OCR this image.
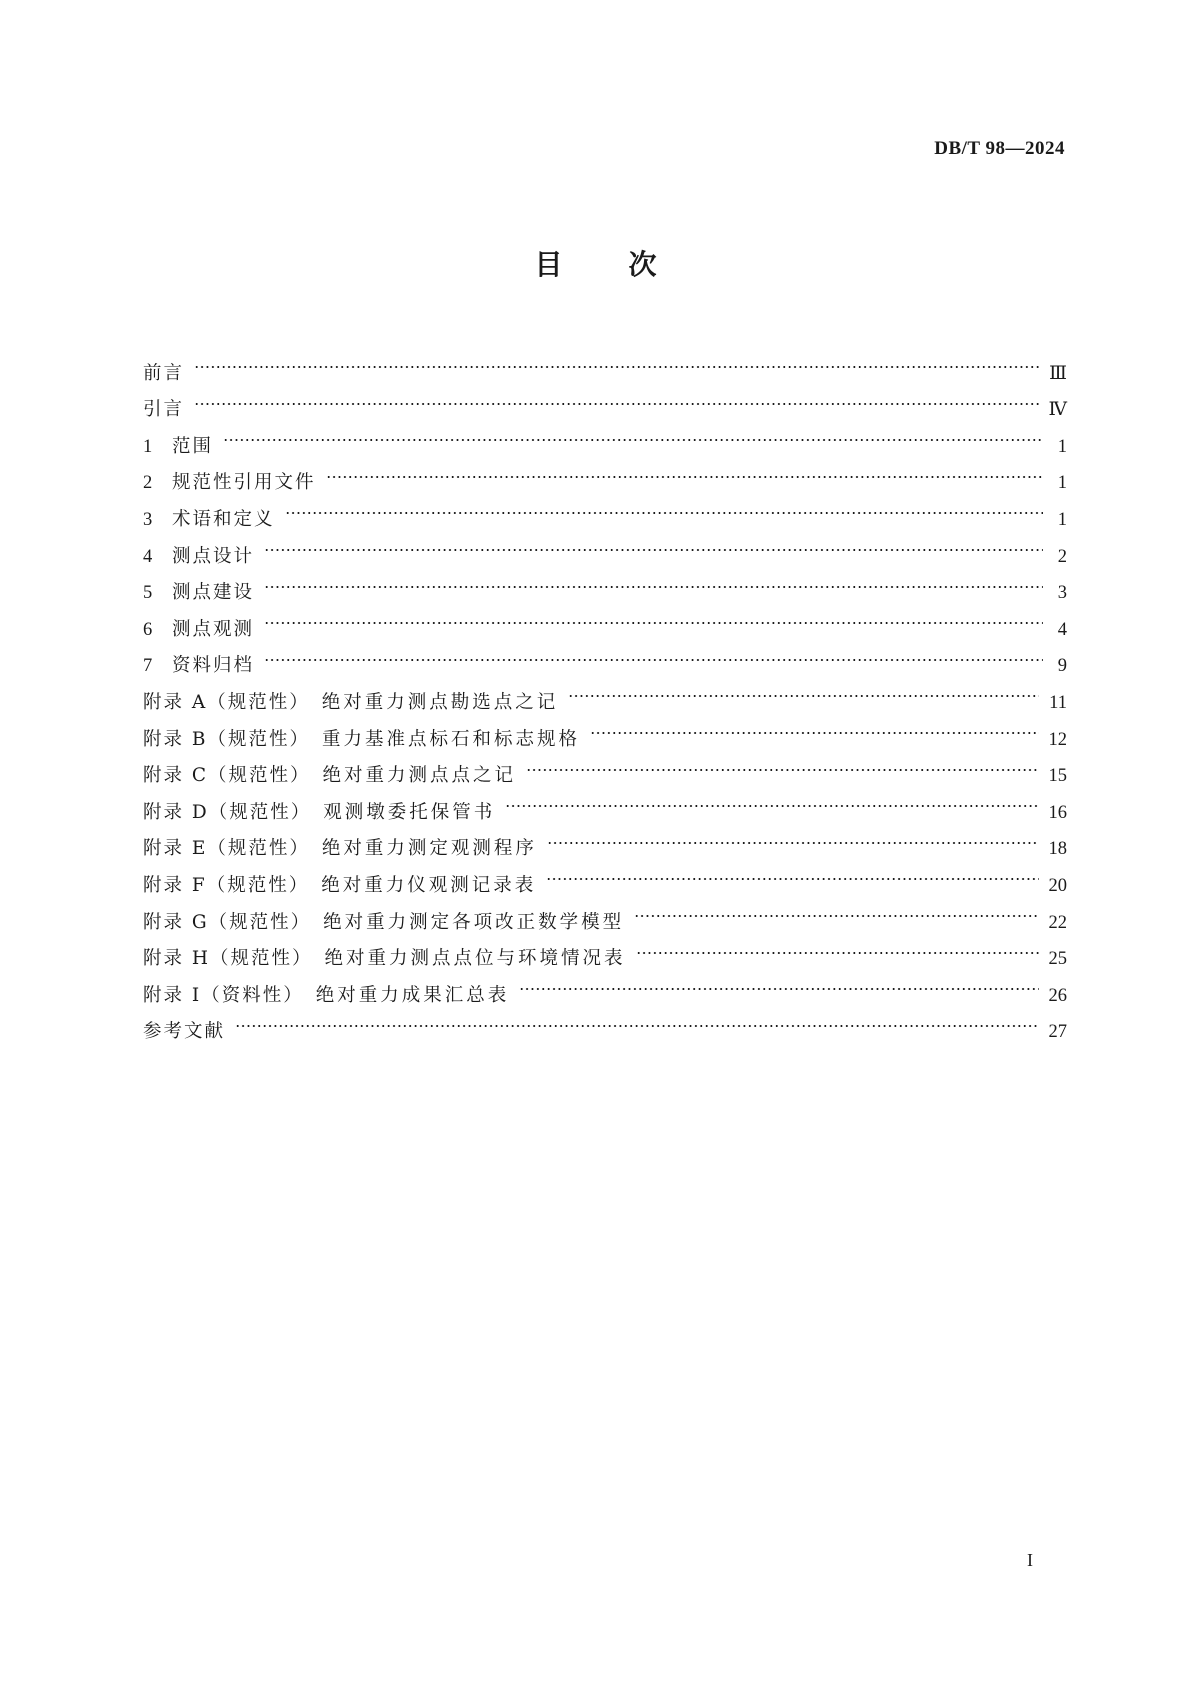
DB/T 98—2024
目次
前言	Ⅲ
引言	Ⅳ
1	范围	1
2	规范性引用文件	1
3	术语和定义	1
4	测点设计	2
5	测点建设	3
6	测点观测	4
7	资料归档	9
附录 A（规范性） 绝对重力测点勘选点之记	11
附录 B（规范性） 重力基准点标石和标志规格	12
附录 C（规范性） 绝对重力测点点之记	15
附录 D（规范性） 观测墩委托保管书	16
附录 E（规范性） 绝对重力测定观测程序	18
附录 F（规范性） 绝对重力仪观测记录表	20
附录 G（规范性） 绝对重力测定各项改正数学模型	22
附录 H（规范性） 绝对重力测点点位与环境情况表	25
附录 I（资料性） 绝对重力成果汇总表	26
参考文献	27
I
